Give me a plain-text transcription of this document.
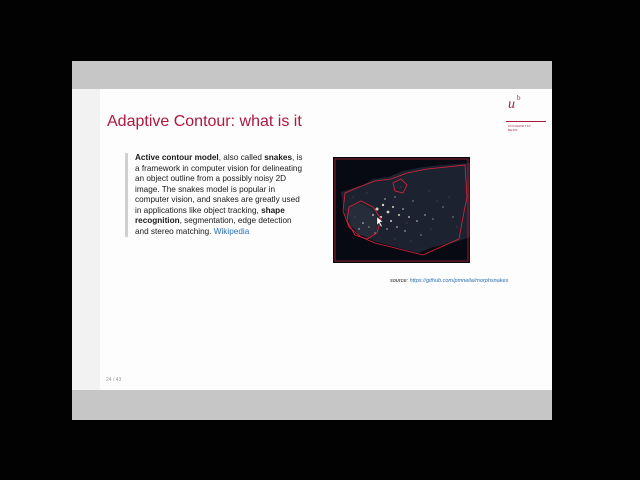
Adaptive Contour: what is it
u b
UNIVERSITÄT
BERN
Active contour model, also called snakes, is a framework in computer vision for delineating an object outline from a possibly noisy 2D image. The snakes model is popular in computer vision, and snakes are greatly used in applications like object tracking, shape recognition, segmentation, edge detection and stereo matching. Wikipedia
source: https://github.com/pmneila/morphsnakes
24 / 43
